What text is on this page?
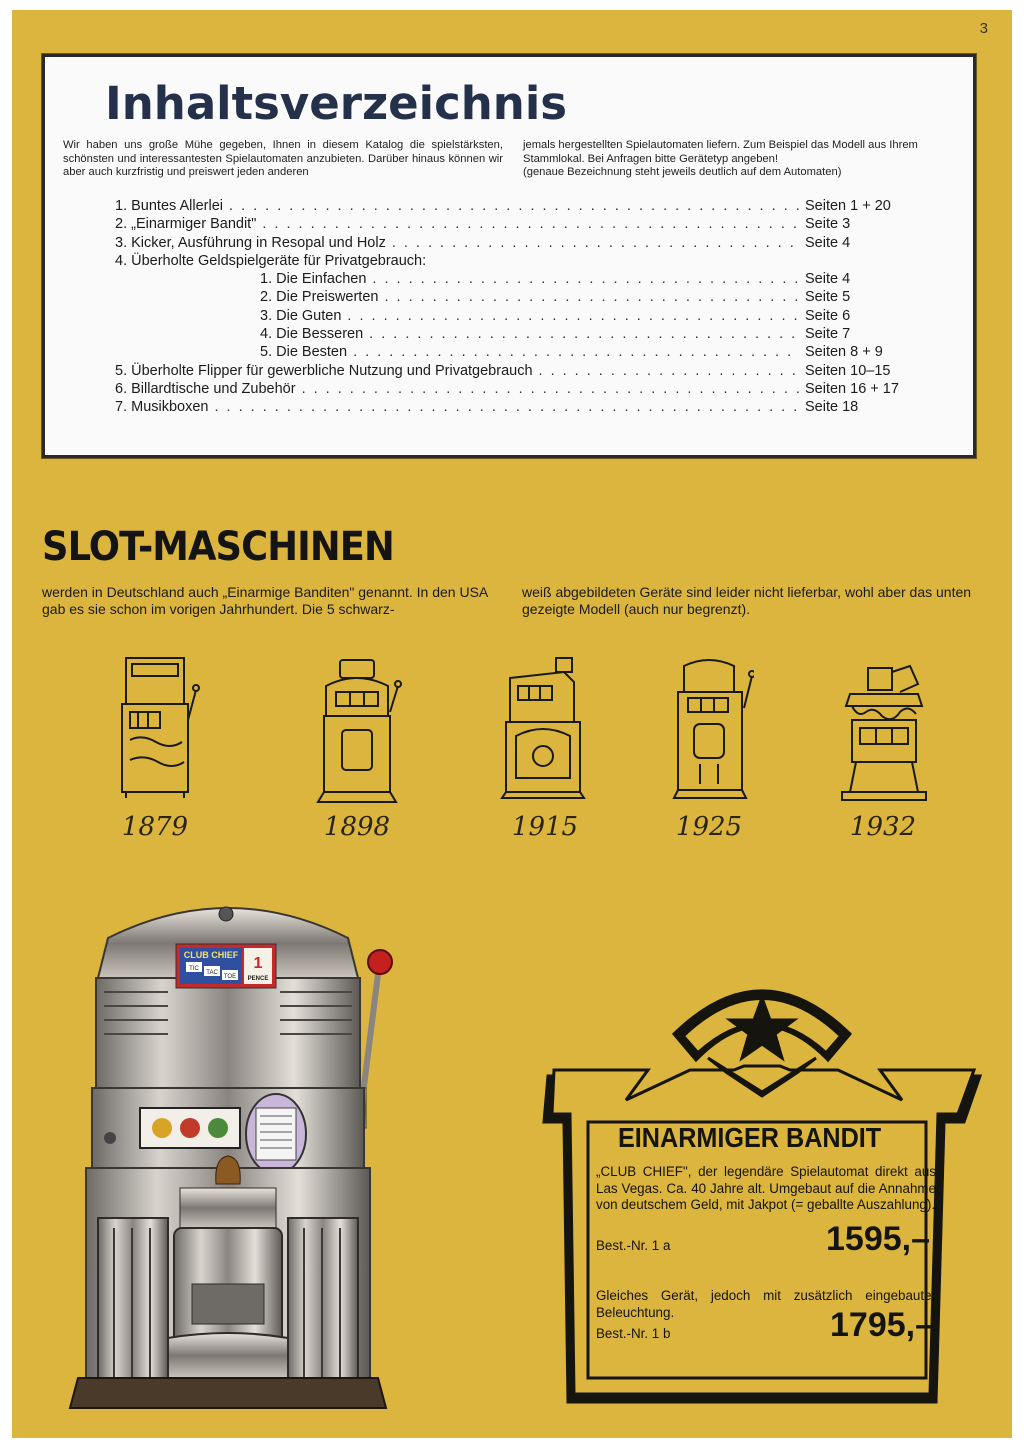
3
Inhaltsverzeichnis
Wir haben uns große Mühe gegeben, Ihnen in diesem Katalog die spielstärksten, schönsten und interessantesten Spielautomaten anzubieten. Darüber hinaus können wir aber auch kurzfristig und preiswert jeden anderen
jemals hergestellten Spielautomaten liefern. Zum Beispiel das Modell aus Ihrem Stammlokal. Bei Anfragen bitte Gerätetyp angeben!
(genaue Bezeichnung steht jeweils deutlich auf dem Automaten)
1. Buntes Allerlei . . .	Seiten 1 + 20
2. „Einarmiger Bandit" . . .	Seite 3
3. Kicker, Ausführung in Resopal und Holz . . .	Seite 4
4. Überholte Geldspielgeräte für Privatgebrauch:
1. Die Einfachen . . .	Seite 4
2. Die Preiswerten . . .	Seite 5
3. Die Guten . . .	Seite 6
4. Die Besseren . . .	Seite 7
5. Die Besten . . .	Seiten 8 + 9
5. Überholte Flipper für gewerbliche Nutzung und Privatgebrauch . . .	Seiten 10–15
6. Billardtische und Zubehör . . .	Seiten 16 + 17
7. Musikboxen . . .	Seite 18
SLOT-MASCHINEN
werden in Deutschland auch „Einarmige Banditen" genannt. In den USA gab es sie schon im vorigen Jahrhundert. Die 5 schwarz-
weiß abgebildeten Geräte sind leider nicht lieferbar, wohl aber das unten gezeigte Modell (auch nur begrenzt).
1879	1898	1915	1925	1932
CLUB CHIEF
TIC
TAC
TOE
1
PENCE
EINARMIGER BANDIT
„CLUB CHIEF", der legendäre Spielautomat direkt aus Las Vegas. Ca. 40 Jahre alt. Umgebaut auf die Annahme von deutschem Geld, mit Jakpot (= geballte Auszahlung).
Best.-Nr. 1 a	1595,–
Gleiches Gerät, jedoch mit zusätzlich eingebauter Beleuchtung.
Best.-Nr. 1 b	1795,–
